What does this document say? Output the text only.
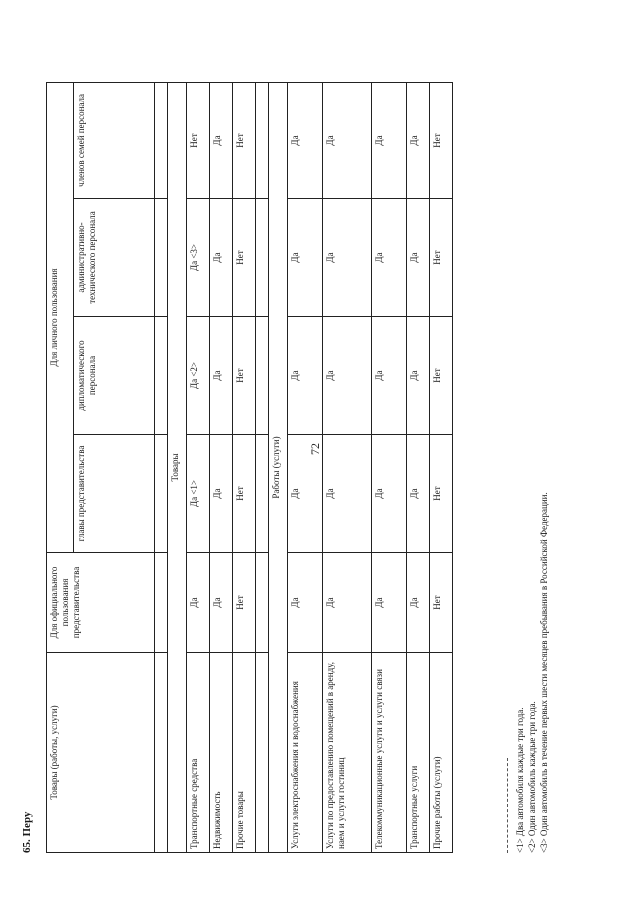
72
65. Перу
Товары (работы, услуги)	Для официального пользования представительства	Для личного пользования			
		главы представительства	дипломатического персонала	административно-технического персонала	членов семей персонала

Товары					
Транспортные средства	Да	Да <1>	Да <2>	Да <3>	Нет
Недвижимость	Да	Да	Да	Да	Да
Прочие товары	Нет	Нет	Нет	Нет	Нет

Работы (услуги)					
Услуги электроснабжения и водоснабжения	Да	Да	Да	Да	Да
Услуги по предоставлению помещений в аренду, наем и услуги гостиниц	Да	Да	Да	Да	Да
Телекоммуникационные услуги и услуги связи	Да	Да	Да	Да	Да
Транспортные услуги	Да	Да	Да	Да	Да
Прочие работы (услуги)	Нет	Нет	Нет	Нет	Нет
<1> Два автомобиля каждые три года. <2> Один автомобиль каждые три года. <3> Один автомобиль в течение первых шести месяцев пребывания в Российской Федерации.
